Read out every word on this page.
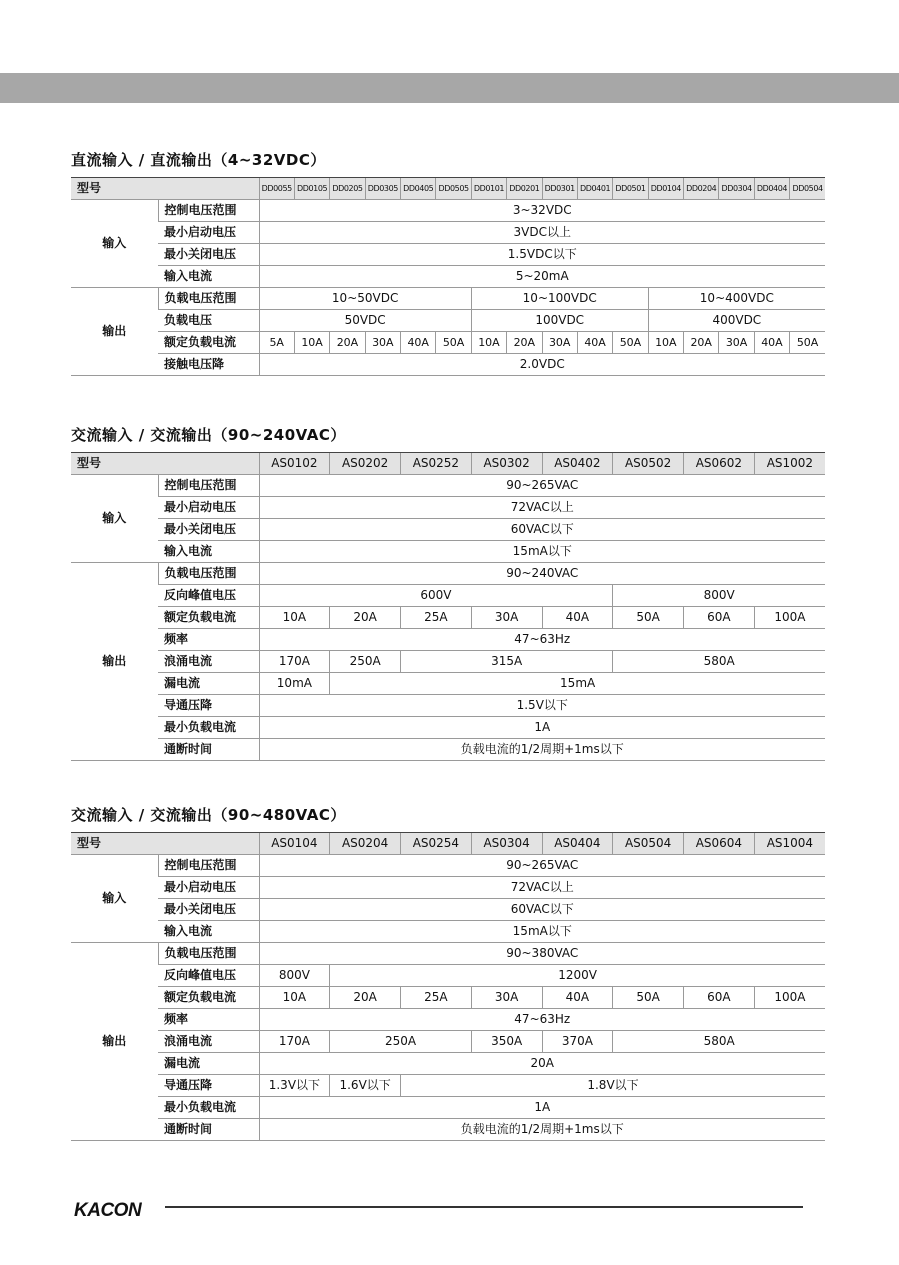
直流输入 / 直流输出（4~32VDC）
型号		DD0055	DD0105	DD0205	DD0305	DD0405	DD0505	DD0101	DD0201	DD0301	DD0401	DD0501	DD0104	DD0204	DD0304	DD0404	DD0504
输入	控制电压范围	3~32VDC															
	最小启动电压	3VDC以上															
	最小关闭电压	1.5VDC以下															
	输入电流	5~20mA															
输出	负载电压范围	10~50VDC						10~100VDC					10~400VDC				
	负载电压	50VDC						100VDC					400VDC				
	额定负载电流	5A	10A	20A	30A	40A	50A	10A	20A	30A	40A	50A	10A	20A	30A	40A	50A
	接触电压降	2.0VDC															
交流输入 / 交流输出（90~240VAC）
型号		AS0102	AS0202	AS0252	AS0302	AS0402	AS0502	AS0602	AS1002
输入	控制电压范围	90~265VAC							
	最小启动电压	72VAC以上							
	最小关闭电压	60VAC以下							
	输入电流	15mA以下							
输出	负载电压范围	90~240VAC							
	反向峰值电压	600V					800V		
	额定负载电流	10A	20A	25A	30A	40A	50A	60A	100A
	频率	47~63Hz							
	浪涌电流	170A	250A	315A			580A		
	漏电流	10mA	15mA						
	导通压降	1.5V以下							
	最小负载电流	1A							
	通断时间	负载电流的1/2周期+1ms以下							
交流输入 / 交流输出（90~480VAC）
型号		AS0104	AS0204	AS0254	AS0304	AS0404	AS0504	AS0604	AS1004
输入	控制电压范围	90~265VAC							
	最小启动电压	72VAC以上							
	最小关闭电压	60VAC以下							
	输入电流	15mA以下							
输出	负载电压范围	90~380VAC							
	反向峰值电压	800V	1200V						
	额定负载电流	10A	20A	25A	30A	40A	50A	60A	100A
	频率	47~63Hz							
	浪涌电流	170A	250A		350A	370A	580A		
	漏电流	20A							
	导通压降	1.3V以下	1.6V以下	1.8V以下					
	最小负载电流	1A							
	通断时间	负载电流的1/2周期+1ms以下							
KACON
